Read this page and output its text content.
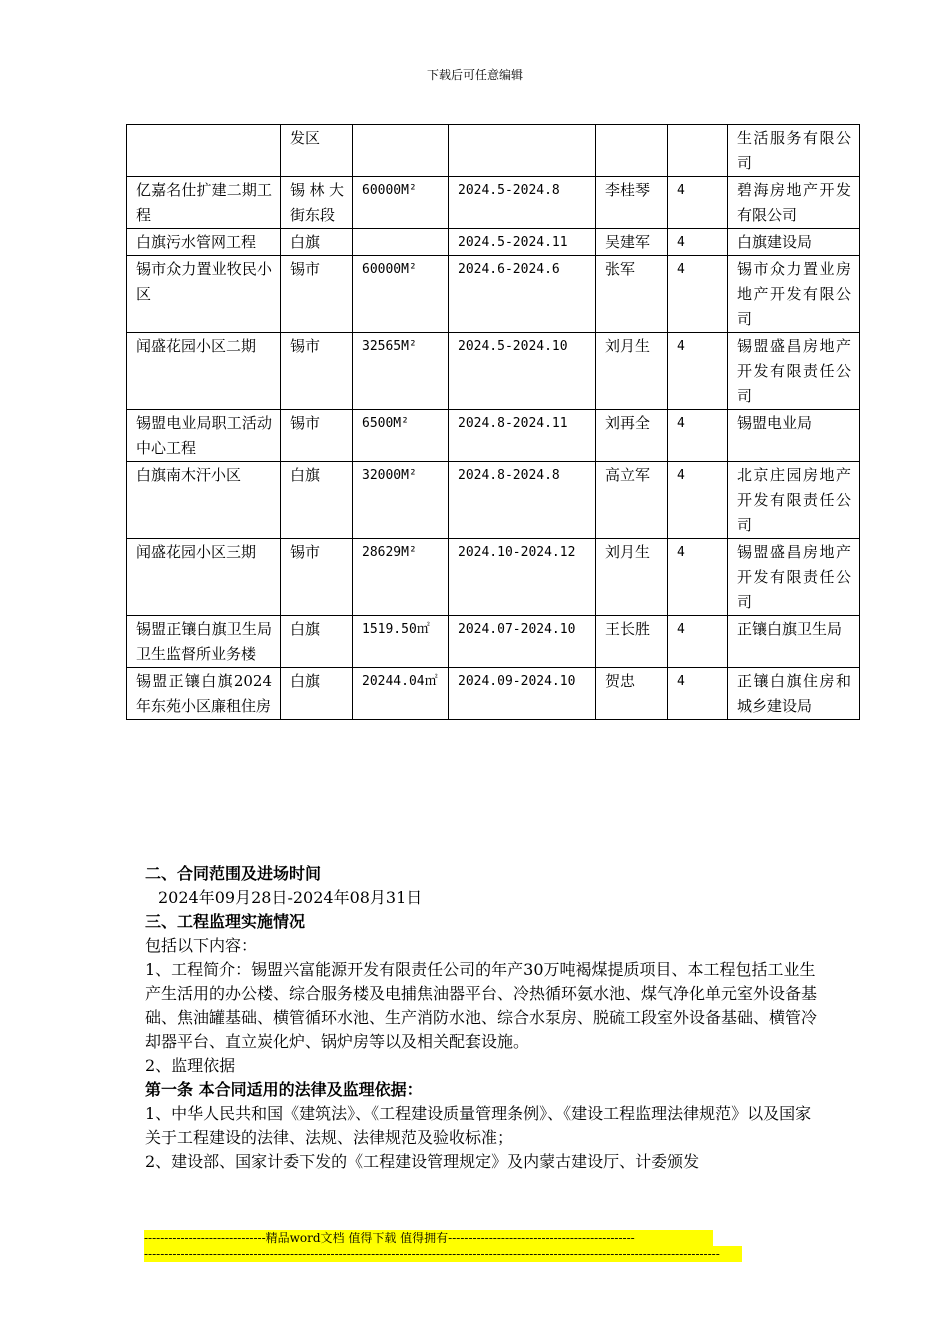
下载后可任意编辑
	发区					生活服务有限公司
亿嘉名仕扩建二期工程	锡林大街东段	60000M²	2024.5-2024.8	李桂琴	4	碧海房地产开发有限公司
白旗污水管网工程	白旗		2024.5-2024.11	吴建军	4	白旗建设局
锡市众力置业牧民小区	锡市	60000M²	2024.6-2024.6	张军	4	锡市众力置业房地产开发有限公司
闻盛花园小区二期	锡市	32565M²	2024.5-2024.10	刘月生	4	锡盟盛昌房地产开发有限责任公司
锡盟电业局职工活动中心工程	锡市	6500M²	2024.8-2024.11	刘再全	4	锡盟电业局
白旗南木汗小区	白旗	32000M²	2024.8-2024.8	高立军	4	北京庄园房地产开发有限责任公司
闻盛花园小区三期	锡市	28629M²	2024.10-2024.12	刘月生	4	锡盟盛昌房地产开发有限责任公司
锡盟正镶白旗卫生局卫生监督所业务楼	白旗	1519.50㎡	2024.07-2024.10	王长胜	4	正镶白旗卫生局
锡盟正镶白旗2024年东苑小区廉租住房	白旗	20244.04㎡	2024.09-2024.10	贺忠	4	正镶白旗住房和城乡建设局

二、合同范围及进场时间

2024年09月28日-2024年08月31日

三、工程监理实施情况

包括以下内容：

1、工程简介：锡盟兴富能源开发有限责任公司的年产30万吨褐煤提质项目、本工程包括工业生产生活用的办公楼、综合服务楼及电捕焦油器平台、冷热循环氨水池、煤气净化单元室外设备基础、焦油罐基础、横管循环水池、生产消防水池、综合水泵房、脱硫工段室外设备基础、横管冷却器平台、直立炭化炉、锅炉房等以及相关配套设施。

2、监理依据

第一条 本合同适用的法律及监理依据：

1、中华人民共和国《建筑法》、《工程建设质量管理条例》、《建设工程监理法律规范》以及国家关于工程建设的法律、法规、法律规范及验收标准；

2、建设部、国家计委下发的《工程建设管理规定》及内蒙古建设厅、计委颁发

------------------------------精品word文档 值得下载 值得拥有----------------------------------------------
----------------------------------------------------------------------------------------------------------------------------------------------
